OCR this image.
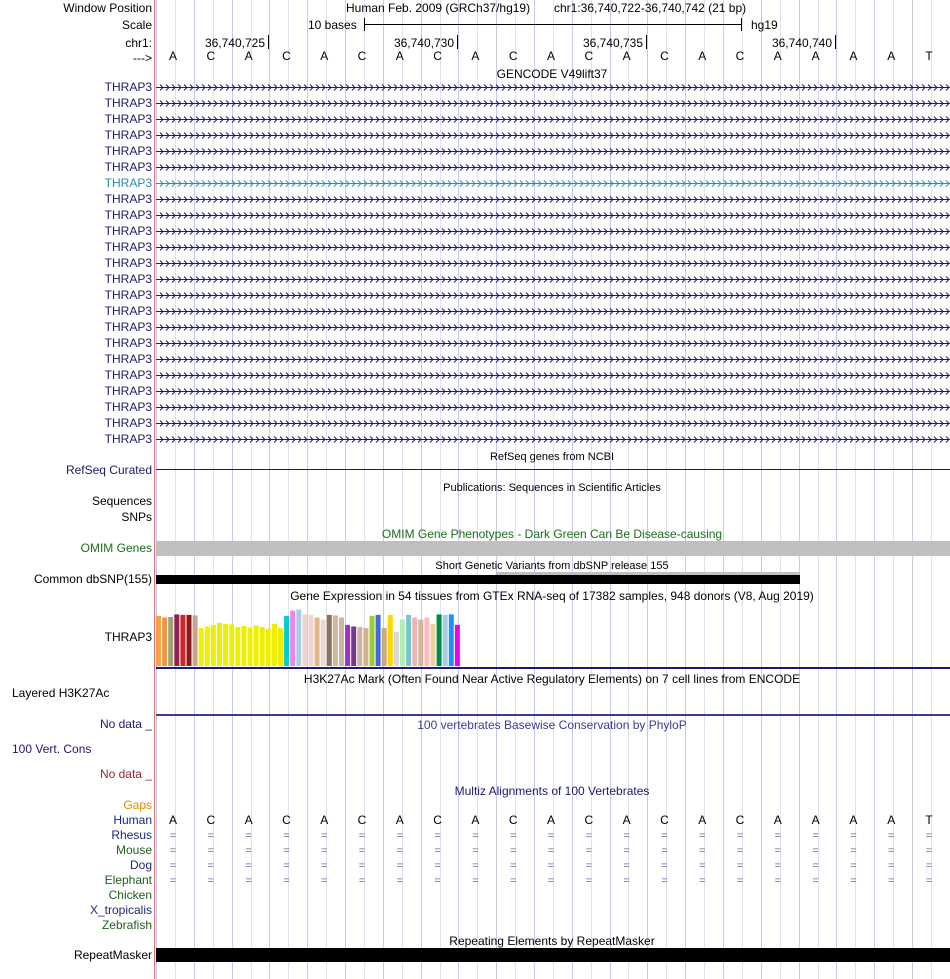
Window Position
Scale
chr1:
--->
Human Feb. 2009 (GRCh37/hg19) chr1:36,740,722-36,740,742 (21 bp)
10 bases	hg19
36,740,725	36,740,730	36,740,735	36,740,740
A	C	A	C	A	C	A	C	A	C	A	C	A	C	A	C	A	A	A	A	T
GENCODE V49lift37
THRAP3
THRAP3
THRAP3
THRAP3
THRAP3
THRAP3
THRAP3
THRAP3
THRAP3
THRAP3
THRAP3
THRAP3
THRAP3
THRAP3
THRAP3
THRAP3
THRAP3
THRAP3
THRAP3
THRAP3
THRAP3
THRAP3
THRAP3
RefSeq genes from NCBI
RefSeq Curated
Publications: Sequences in Scientific Articles
Sequences
SNPs
OMIM Gene Phenotypes - Dark Green Can Be Disease-causing
OMIM Genes
Short Genetic Variants from dbSNP release 155
Common dbSNP(155)
Gene Expression in 54 tissues from GTEx RNA-seq of 17382 samples, 948 donors (V8, Aug 2019)
THRAP3
H3K27Ac Mark (Often Found Near Active Regulatory Elements) on 7 cell lines from ENCODE
Layered H3K27Ac
No data _	100 vertebrates Basewise Conservation by PhyloP
100 Vert. Cons
No data _
Multiz Alignments of 100 Vertebrates
Gaps
Human	A	C	A	C	A	C	A	C	A	C	A	C	A	C	A	C	A	A	A	A	T
Rhesus	=	=	=	=	=	=	=	=	=	=	=	=	=	=	=	=	=	=	=	=	=
Mouse	=	=	=	=	=	=	=	=	=	=	=	=	=	=	=	=	=	=	=	=	=
Dog	=	=	=	=	=	=	=	=	=	=	=	=	=	=	=	=	=	=	=	=	=
Elephant	=	=	=	=	=	=	=	=	=	=	=	=	=	=	=	=	=	=	=	=	=
Chicken
X_tropicalis
Zebrafish
Repeating Elements by RepeatMasker
RepeatMasker
